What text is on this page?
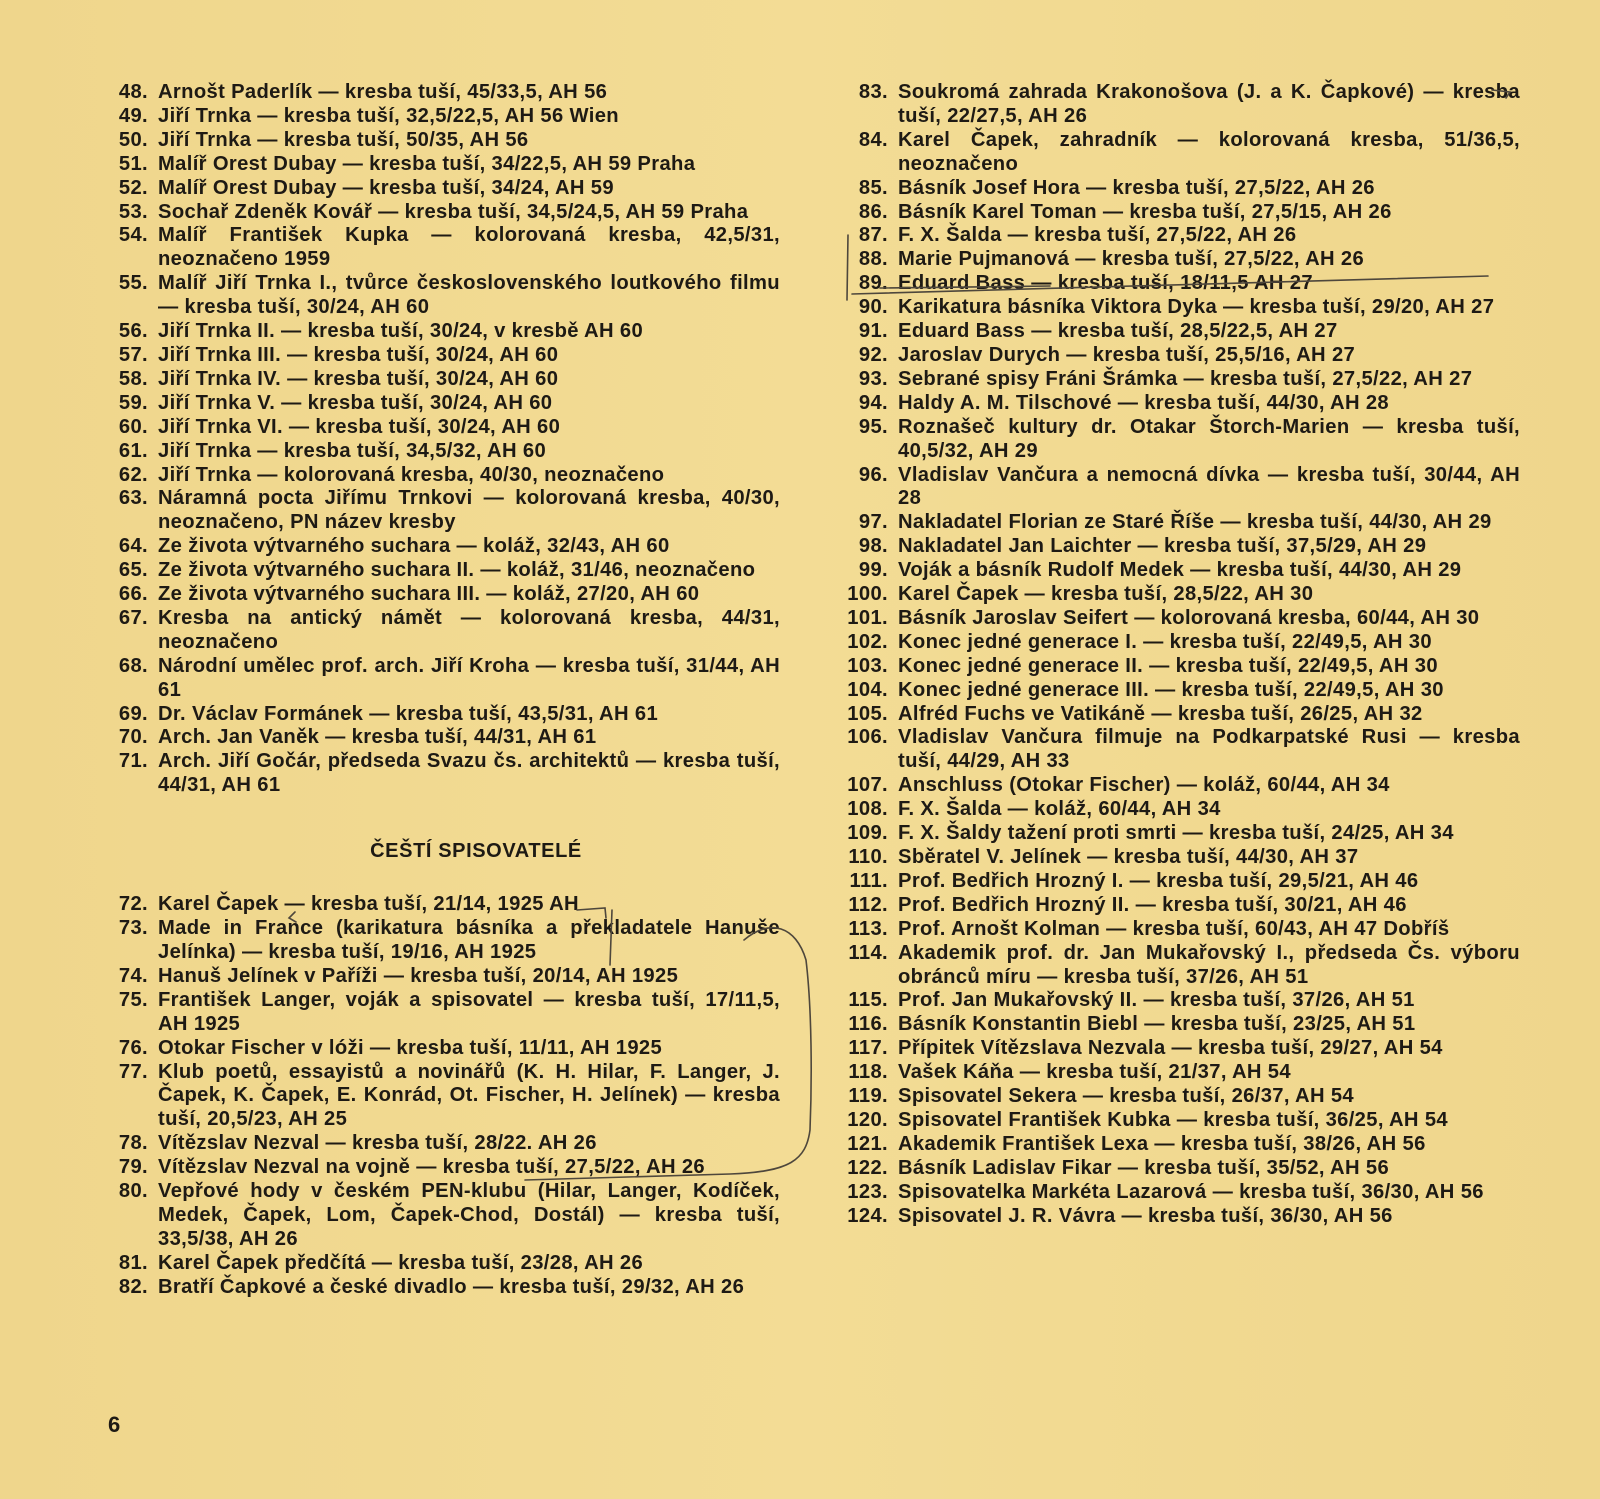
48. Arnošt Paderlík — kresba tuší, 45/33,5, AH 56
49. Jiří Trnka — kresba tuší, 32,5/22,5, AH 56 Wien
50. Jiří Trnka — kresba tuší, 50/35, AH 56
51. Malíř Orest Dubay — kresba tuší, 34/22,5, AH 59 Praha
52. Malíř Orest Dubay — kresba tuší, 34/24, AH 59
53. Sochař Zdeněk Kovář — kresba tuší, 34,5/24,5, AH 59 Praha
54. Malíř František Kupka — kolorovaná kresba, 42,5/31, neoznačeno 1959
55. Malíř Jiří Trnka I., tvůrce československého loutkového filmu — kresba tuší, 30/24, AH 60
56. Jiří Trnka II. — kresba tuší, 30/24, v kresbě AH 60
57. Jiří Trnka III. — kresba tuší, 30/24, AH 60
58. Jiří Trnka IV. — kresba tuší, 30/24, AH 60
59. Jiří Trnka V. — kresba tuší, 30/24, AH 60
60. Jiří Trnka VI. — kresba tuší, 30/24, AH 60
61. Jiří Trnka — kresba tuší, 34,5/32, AH 60
62. Jiří Trnka — kolorovaná kresba, 40/30, neoznačeno
63. Náramná pocta Jiřímu Trnkovi — kolorovaná kresba, 40/30, neoznačeno, PN název kresby
64. Ze života výtvarného suchara — koláž, 32/43, AH 60
65. Ze života výtvarného suchara II. — koláž, 31/46, neoznačeno
66. Ze života výtvarného suchara III. — koláž, 27/20, AH 60
67. Kresba na antický námět — kolorovaná kresba, 44/31, neoznačeno
68. Národní umělec prof. arch. Jiří Kroha — kresba tuší, 31/44, AH 61
69. Dr. Václav Formánek — kresba tuší, 43,5/31, AH 61
70. Arch. Jan Vaněk — kresba tuší, 44/31, AH 61
71. Arch. Jiří Gočár, předseda Svazu čs. architektů — kresba tuší, 44/31, AH 61
ČEŠTÍ SPISOVATELÉ
72. Karel Čapek — kresba tuší, 21/14, 1925 AH
73. Made in France (karikatura básníka a překladatele Hanuše Jelínka) — kresba tuší, 19/16, AH 1925
74. Hanuš Jelínek v Paříži — kresba tuší, 20/14, AH 1925
75. František Langer, voják a spisovatel — kresba tuší, 17/11,5, AH 1925
76. Otokar Fischer v lóži — kresba tuší, 11/11, AH 1925
77. Klub poetů, essayistů a novinářů (K. H. Hilar, F. Langer, J. Čapek, K. Čapek, E. Konrád, Ot. Fischer, H. Jelínek) — kresba tuší, 20,5/23, AH 25
78. Vítězslav Nezval — kresba tuší, 28/22. AH 26
79. Vítězslav Nezval na vojně — kresba tuší, 27,5/22, AH 26
80. Vepřové hody v českém PEN-klubu (Hilar, Langer, Kodíček, Medek, Čapek, Lom, Čapek-Chod, Dostál) — kresba tuší, 33,5/38, AH 26
81. Karel Čapek předčítá — kresba tuší, 23/28, AH 26
82. Bratří Čapkové a české divadlo — kresba tuší, 29/32, AH 26
83. Soukromá zahrada Krakonošova (J. a K. Čapkové) — kresba tuší, 22/27,5, AH 26
84. Karel Čapek, zahradník — kolorovaná kresba, 51/36,5, neoznačeno
85. Básník Josef Hora — kresba tuší, 27,5/22, AH 26
86. Básník Karel Toman — kresba tuší, 27,5/15, AH 26
87. F. X. Šalda — kresba tuší, 27,5/22, AH 26
88. Marie Pujmanová — kresba tuší, 27,5/22, AH 26
89. Eduard Bass — kresba tuší, 18/11,5 AH 27
90. Karikatura básníka Viktora Dyka — kresba tuší, 29/20, AH 27
91. Eduard Bass — kresba tuší, 28,5/22,5, AH 27
92. Jaroslav Durych — kresba tuší, 25,5/16, AH 27
93. Sebrané spisy Fráni Šrámka — kresba tuší, 27,5/22, AH 27
94. Haldy A. M. Tilschové — kresba tuší, 44/30, AH 28
95. Roznašeč kultury dr. Otakar Štorch-Marien — kresba tuší, 40,5/32, AH 29
96. Vladislav Vančura a nemocná dívka — kresba tuší, 30/44, AH 28
97. Nakladatel Florian ze Staré Říše — kresba tuší, 44/30, AH 29
98. Nakladatel Jan Laichter — kresba tuší, 37,5/29, AH 29
99. Voják a básník Rudolf Medek — kresba tuší, 44/30, AH 29
100. Karel Čapek — kresba tuší, 28,5/22, AH 30
101. Básník Jaroslav Seifert — kolorovaná kresba, 60/44, AH 30
102. Konec jedné generace I. — kresba tuší, 22/49,5, AH 30
103. Konec jedné generace II. — kresba tuší, 22/49,5, AH 30
104. Konec jedné generace III. — kresba tuší, 22/49,5, AH 30
105. Alfréd Fuchs ve Vatikáně — kresba tuší, 26/25, AH 32
106. Vladislav Vančura filmuje na Podkarpatské Rusi — kresba tuší, 44/29, AH 33
107. Anschluss (Otokar Fischer) — koláž, 60/44, AH 34
108. F. X. Šalda — koláž, 60/44, AH 34
109. F. X. Šaldy tažení proti smrti — kresba tuší, 24/25, AH 34
110. Sběratel V. Jelínek — kresba tuší, 44/30, AH 37
111. Prof. Bedřich Hrozný I. — kresba tuší, 29,5/21, AH 46
112. Prof. Bedřich Hrozný II. — kresba tuší, 30/21, AH 46
113. Prof. Arnošt Kolman — kresba tuší, 60/43, AH 47 Dobříš
114. Akademik prof. dr. Jan Mukařovský I., předseda Čs. výboru obránců míru — kresba tuší, 37/26, AH 51
115. Prof. Jan Mukařovský II. — kresba tuší, 37/26, AH 51
116. Básník Konstantin Biebl — kresba tuší, 23/25, AH 51
117. Přípitek Vítězslava Nezvala — kresba tuší, 29/27, AH 54
118. Vašek Káňa — kresba tuší, 21/37, AH 54
119. Spisovatel Sekera — kresba tuší, 26/37, AH 54
120. Spisovatel František Kubka — kresba tuší, 36/25, AH 54
121. Akademik František Lexa — kresba tuší, 38/26, AH 56
122. Básník Ladislav Fikar — kresba tuší, 35/52, AH 56
123. Spisovatelka Markéta Lazarová — kresba tuší, 36/30, AH 56
124. Spisovatel J. R. Vávra — kresba tuší, 36/30, AH 56
6
